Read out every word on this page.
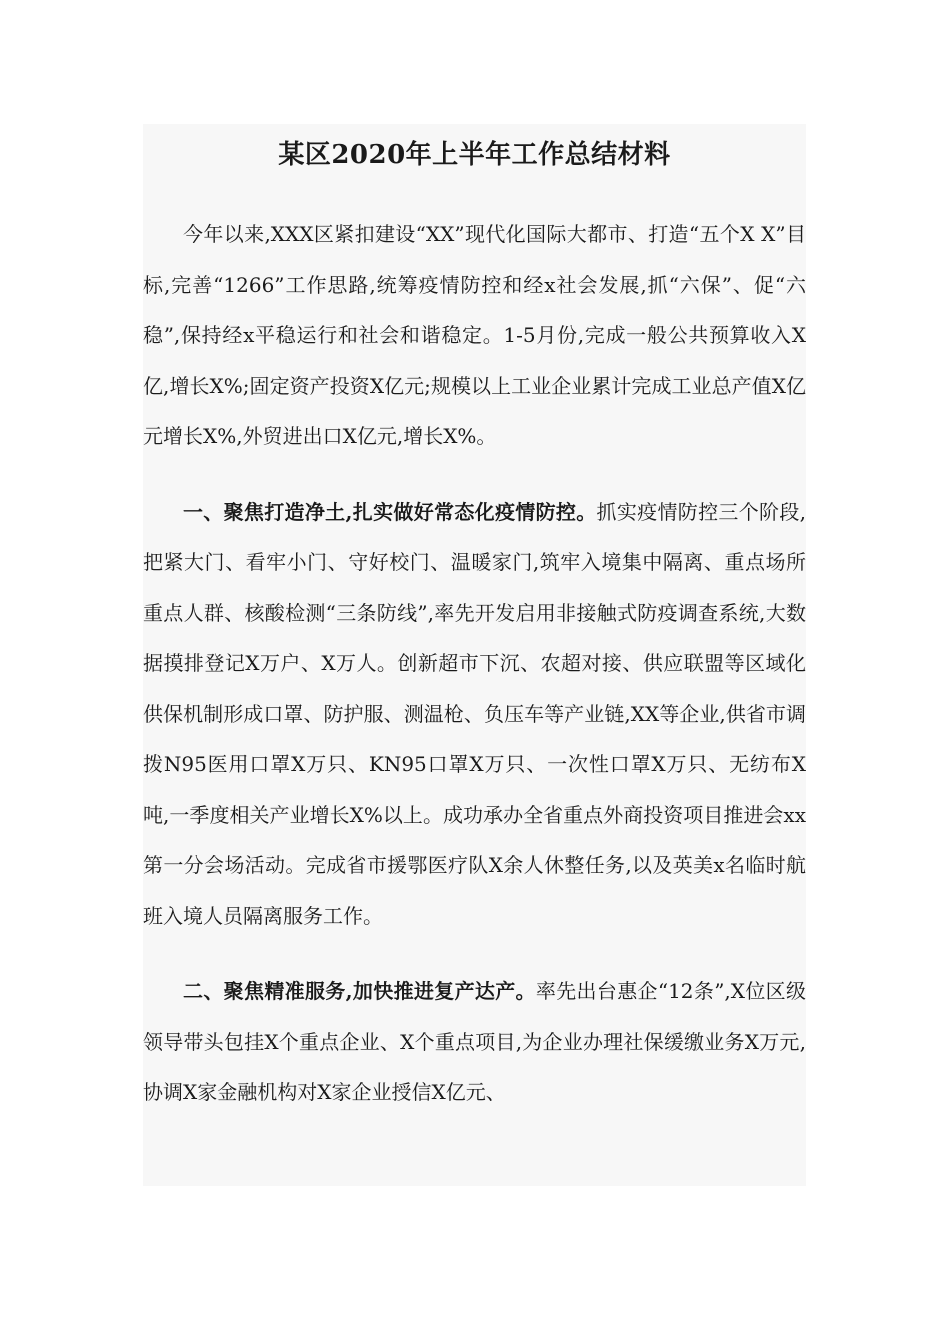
某区2020年上半年工作总结材料

今年以来,XXX区紧扣建设“XX”现代化国际大都市、打造“五个X X”目标,完善“1266”工作思路,统筹疫情防控和经x社会发展,抓“六保”、促“六稳”,保持经x平稳运行和社会和谐稳定。1-5月份,完成一般公共预算收入X亿,增长X%;固定资产投资X亿元;规模以上工业企业累计完成工业总产值X亿元增长X%,外贸进出口X亿元,增长X%。

一、聚焦打造净土,扎实做好常态化疫情防控。抓实疫情防控三个阶段,把紧大门、看牢小门、守好校门、温暖家门,筑牢入境集中隔离、重点场所重点人群、核酸检测“三条防线”,率先开发启用非接触式防疫调查系统,大数据摸排登记X万户、X万人。创新超市下沉、农超对接、供应联盟等区域化供保机制形成口罩、防护服、测温枪、负压车等产业链,XX等企业,供省市调拨N95医用口罩X万只、KN95口罩X万只、一次性口罩X万只、无纺布X吨,一季度相关产业增长X%以上。成功承办全省重点外商投资项目推进会xx第一分会场活动。完成省市援鄂医疗队X余人休整任务,以及英美x名临时航班入境人员隔离服务工作。

二、聚焦精准服务,加快推进复产达产。率先出台惠企“12条”,X位区级领导带头包挂X个重点企业、X个重点项目,为企业办理社保缓缴业务X万元,协调X家金融机构对X家企业授信X亿元、
